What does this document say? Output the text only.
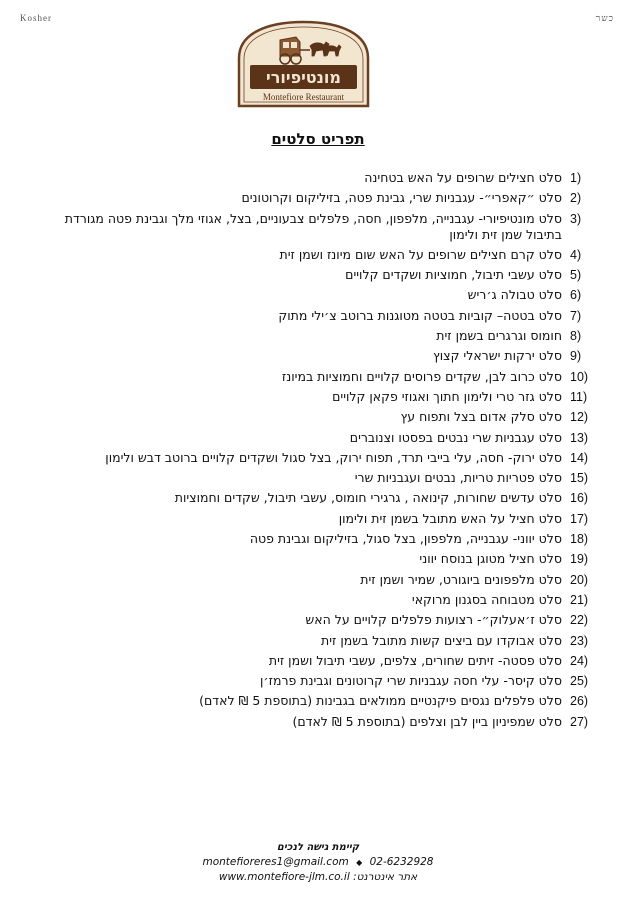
Kosher	כשר
מונטיפיורי
Montefiore Restaurant
תפריט סלטים
1)
סלט חצילים שרופים על האש בטחינה
2)
סלט ״קאפרי״- עגבניות שרי, גבינת פטה, בזיליקום וקרוטונים
3)
סלט מונטיפיורי- עגבנייה, מלפפון, חסה, פלפלים צבעוניים, בצל, אגוזי מלך וגבינת פטה מגורדת בתיבול שמן זית ולימון
4)
סלט קרם חצילים שרופים על האש שום מיונז ושמן זית
5)
סלט עשבי תיבול, חמוציות ושקדים קלויים
6)
סלט טבולה ג׳ריש
7)
סלט בטטה– קוביות בטטה מטוגנות ברוטב צ׳ילי מתוק
8)
חומוס וגרגרים בשמן זית
9)
סלט ירקות ישראלי קצוץ
10)
סלט כרוב לבן, שקדים פרוסים קלויים וחמוציות במיונז
11)
סלט גזר טרי ולימון חתוך ואגוזי פקאן קלויים
12)
סלט סלק אדום בצל ותפוח עץ
13)
סלט עגבניות שרי נבטים בפסטו וצנוברים
14)
סלט ירוק- חסה, עלי בייבי תרד, תפוח ירוק, בצל סגול ושקדים קלויים ברוטב דבש ולימון
15)
סלט פטריות טריות, נבטים ועגבניות שרי
16)
סלט עדשים שחורות, קינואה , גרגירי חומוס, עשבי תיבול, שקדים וחמוציות
17)
סלט חציל על האש מתובל בשמן זית ולימון
18)
סלט יווני- עגבנייה, מלפפון, בצל סגול, בזיליקום וגבינת פטה
19)
סלט חציל מטוגן בנוסח יווני
20)
סלט מלפפונים ביוגורט, שמיר ושמן זית
21)
סלט מטבוחה בסגנון מרוקאי
22)
סלט ז׳אעלוק״- רצועות פלפלים קלויים על האש
23)
סלט אבוקדו עם ביצים קשות מתובל בשמן זית
24)
סלט פסטה- זיתים שחורים, צלפים, עשבי תיבול ושמן זית
25)
סלט קיסר- עלי חסה עגבניות שרי קרוטונים וגבינת פרמז׳ן
26)
סלט פלפלים נגסים פיקנטיים ממולאים בגבינות (בתוספת 5 ₪ לאדם)
27)
סלט שמפיניון ביין לבן וצלפים (בתוספת 5 ₪ לאדם)
קיימת גישה לנכים
montefioreres1@gmail.com ◆ 02-6232928
www.montefiore-jlm.co.il אתר אינטרנט:
